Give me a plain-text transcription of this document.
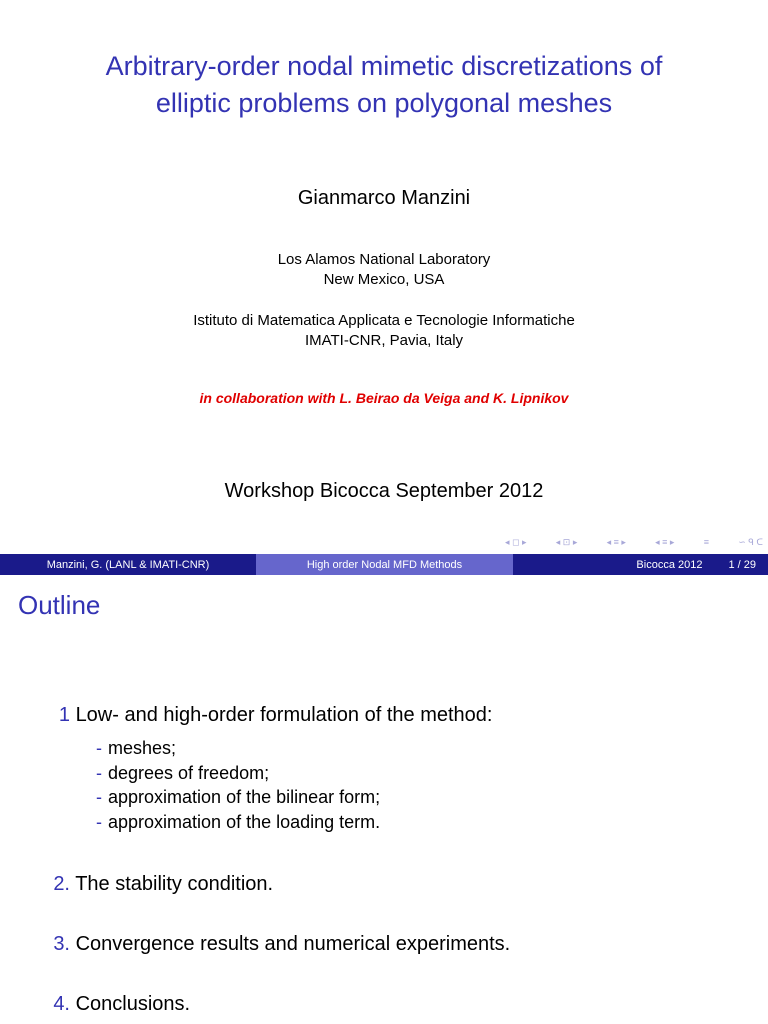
Arbitrary-order nodal mimetic discretizations of
elliptic problems on polygonal meshes
Gianmarco Manzini
Los Alamos National Laboratory
New Mexico, USA
Istituto di Matematica Applicata e Tecnologie Informatiche
IMATI-CNR, Pavia, Italy
in collaboration with L. Beirao da Veiga and K. Lipnikov
Workshop Bicocca September 2012
◂ ◻ ▸	◂ ⊡ ▸	◂ ≡ ▸	◂ ≡ ▸	≡	∽ ᑫ ᑕ
Manzini, G. (LANL & IMATI-CNR)	High order Nodal MFD Methods	Bicocca 2012 1 / 29
Outline
1 Low- and high-order formulation of the method:
- meshes;
- degrees of freedom;
- approximation of the bilinear form;
- approximation of the loading term.
2. The stability condition.
3. Convergence results and numerical experiments.
4. Conclusions.
